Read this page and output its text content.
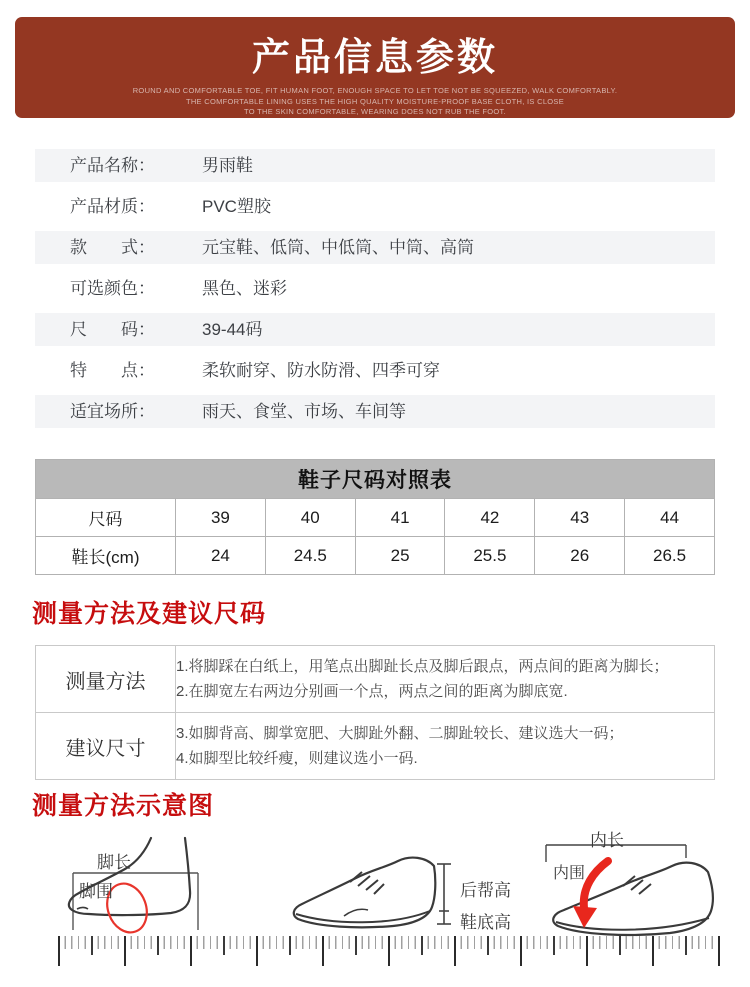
产品信息参数
ROUND AND COMFORTABLE TOE, FIT HUMAN FOOT, ENOUGH SPACE TO LET TOE NOT BE SQUEEZED, WALK COMFORTABLY.
THE COMFORTABLE LINING USES THE HIGH QUALITY MOISTURE-PROOF BASE CLOTH, IS CLOSE
TO THE SKIN COMFORTABLE, WEARING DOES NOT RUB THE FOOT.
产品名称：	男雨鞋
产品材质：	PVC塑胶
款　　式：	元宝鞋、低筒、中低筒、中筒、高筒
可选颜色：	黑色、迷彩
尺　　码：	39-44码
特　　点：	柔软耐穿、防水防滑、四季可穿
适宜场所：	雨天、食堂、市场、车间等
鞋子尺码对照表						
尺码	39	40	41	42	43	44
鞋长(cm)	24	24.5	25	25.5	26	26.5
测量方法及建议尺码
测量方法	1.将脚踩在白纸上，用笔点出脚趾长点及脚后跟点，两点间的距离为脚长；
2.在脚宽左右两边分别画一个点，两点之间的距离为脚底宽.

建议尺寸	3.如脚背高、脚掌宽肥、大脚趾外翻、二脚趾较长、建议选大一码；
4.如脚型比较纤瘦，则建议选小一码.
测量方法示意图
脚长
脚围	后帮高
鞋底高
内长
内围
